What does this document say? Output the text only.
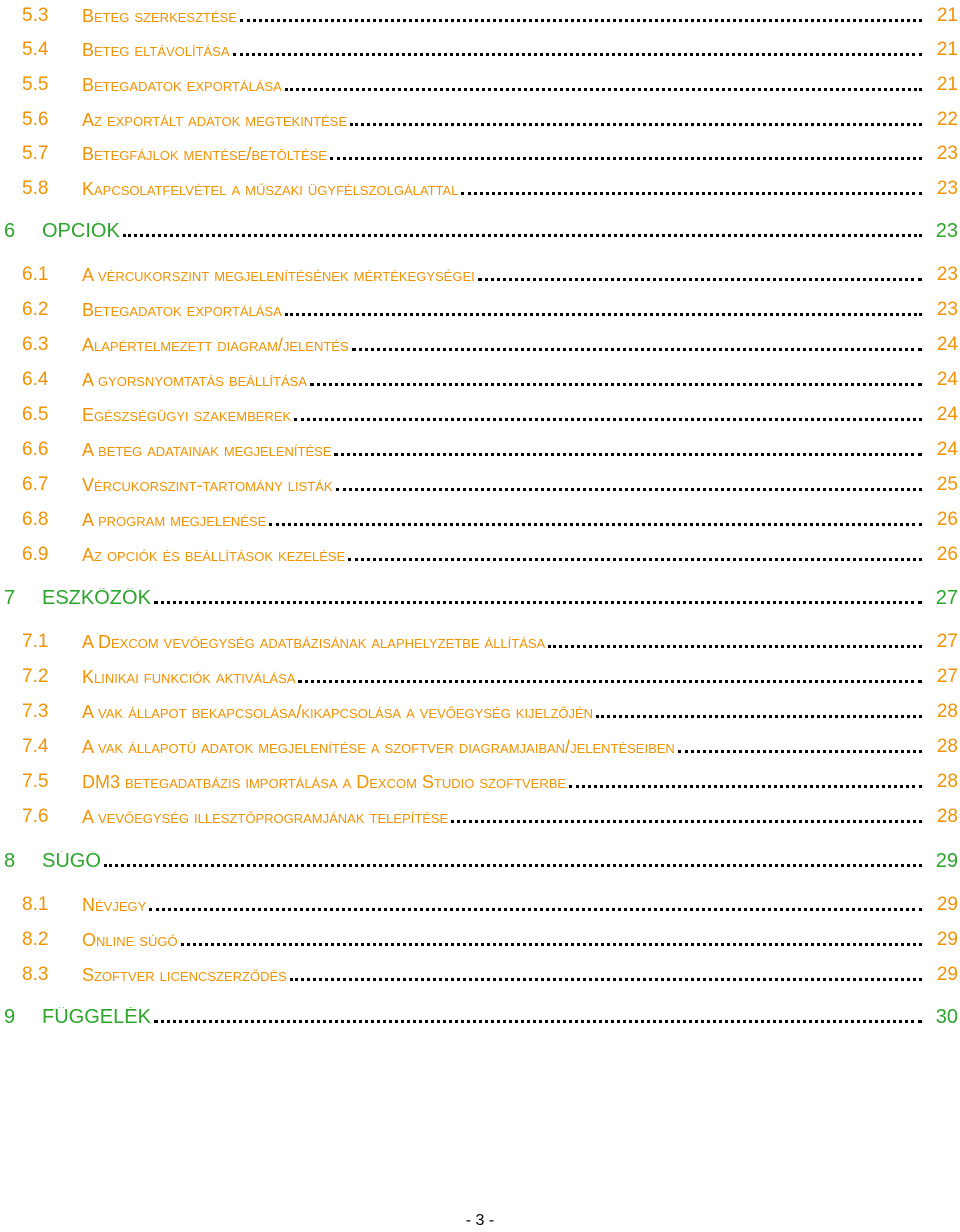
5.3 Beteg szerkesztése	21
5.4 Beteg eltávolítása	21
5.5 Betegadatok exportálása	21
5.6 Az exportált adatok megtekintése	22
5.7 Betegfájlok mentése/betöltése	23
5.8 Kapcsolatfelvétel a műszaki ügyfélszolgálattal	23
6 OPCIÓK	23
6.1 A vércukorszint megjelenítésének mértékegységei	23
6.2 Betegadatok exportálása	23
6.3 Alapértelmezett diagram/jelentés	24
6.4 A gyorsnyomtatás beállítása	24
6.5 Egészségügyi szakemberek	24
6.6 A beteg adatainak megjelenítése	24
6.7 Vércukorszint-tartomány listák	25
6.8 A program megjelenése	26
6.9 Az opciók és beállítások kezelése	26
7 ESZKÖZÖK	27
7.1 A Dexcom vevőegység adatbázisának alaphelyzetbe állítása	27
7.2 Klinikai funkciók aktiválása	27
7.3 A vak állapot bekapcsolása/kikapcsolása a vevőegység kijelzőjén	28
7.4 A vak állapotú adatok megjelenítése a szoftver diagramjaiban/jelentéseiben	28
7.5 DM3 betegadatbázis importálása a Dexcom Studio szoftverbe	28
7.6 A vevőegység illesztőprogramjának telepítése	28
8 SÚGÓ	29
8.1 Névjegy	29
8.2 Online súgó	29
8.3 Szoftver licencszerződés	29
9 FÜGGELÉK	30
- 3 -
